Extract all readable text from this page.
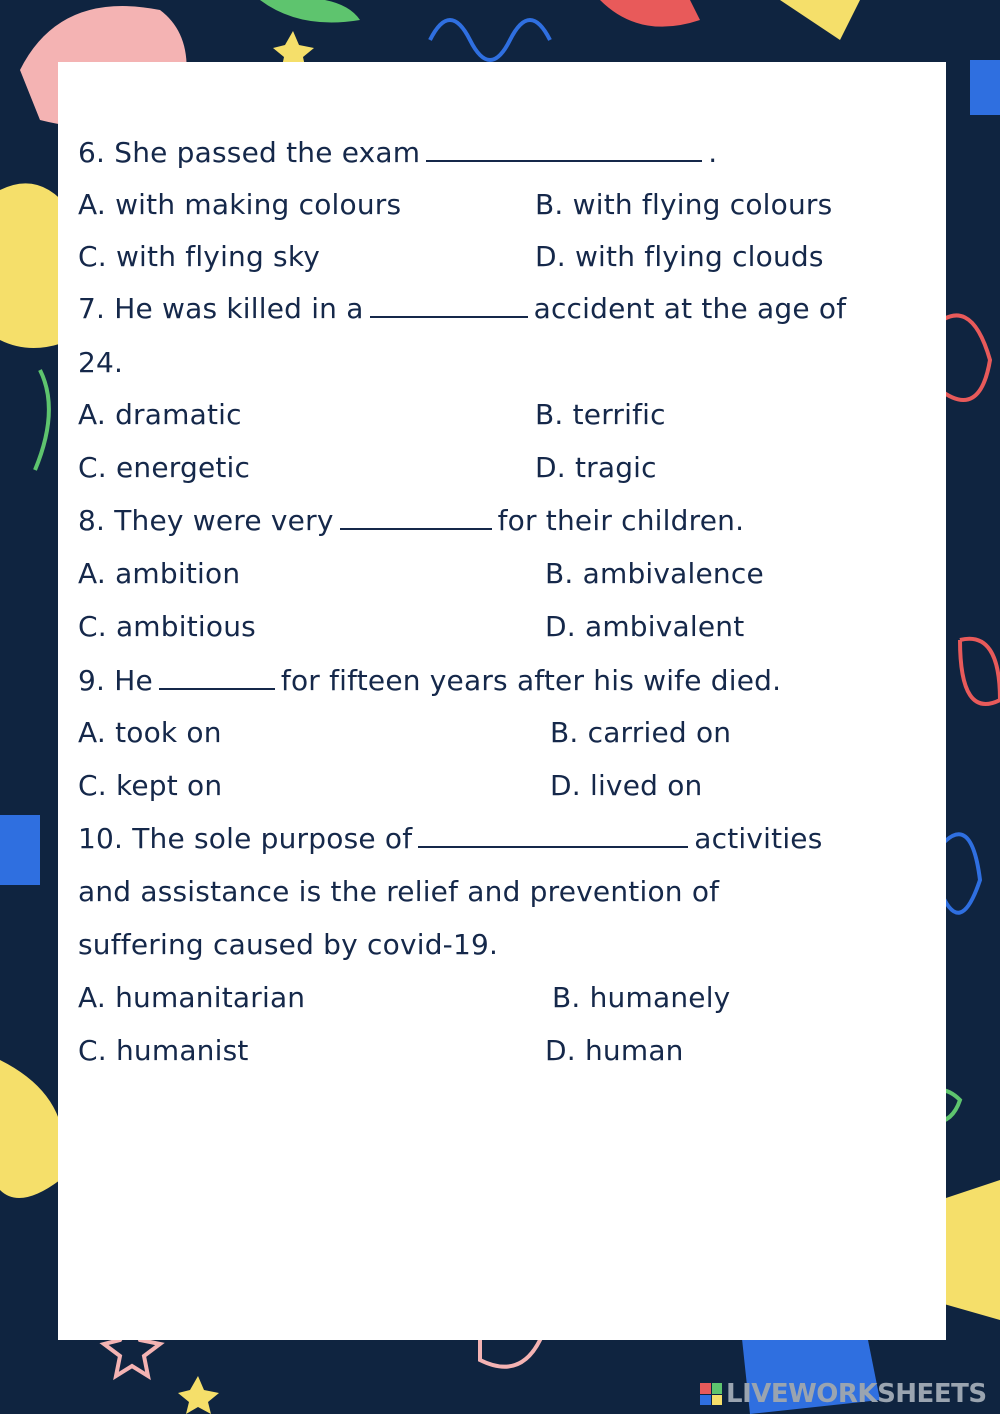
6. She passed the exam	.
A. with making colours	B. with flying colours
C. with flying sky	D. with flying clouds
7. He was killed in a	accident at the age of
24.
A. dramatic	B. terrific
C. energetic	D. tragic
8. They were very	for their children.
A. ambition	B. ambivalence
C. ambitious	D. ambivalent
9. He	for fifteen years after his wife died.
A. took on	B. carried on
C. kept on	D. lived on
10. The sole purpose of	activities
and assistance is the relief and prevention of
suffering caused by covid-19.
A. humanitarian	B. humanely
C. humanist	D. human
LIVEWORKSHEETS
